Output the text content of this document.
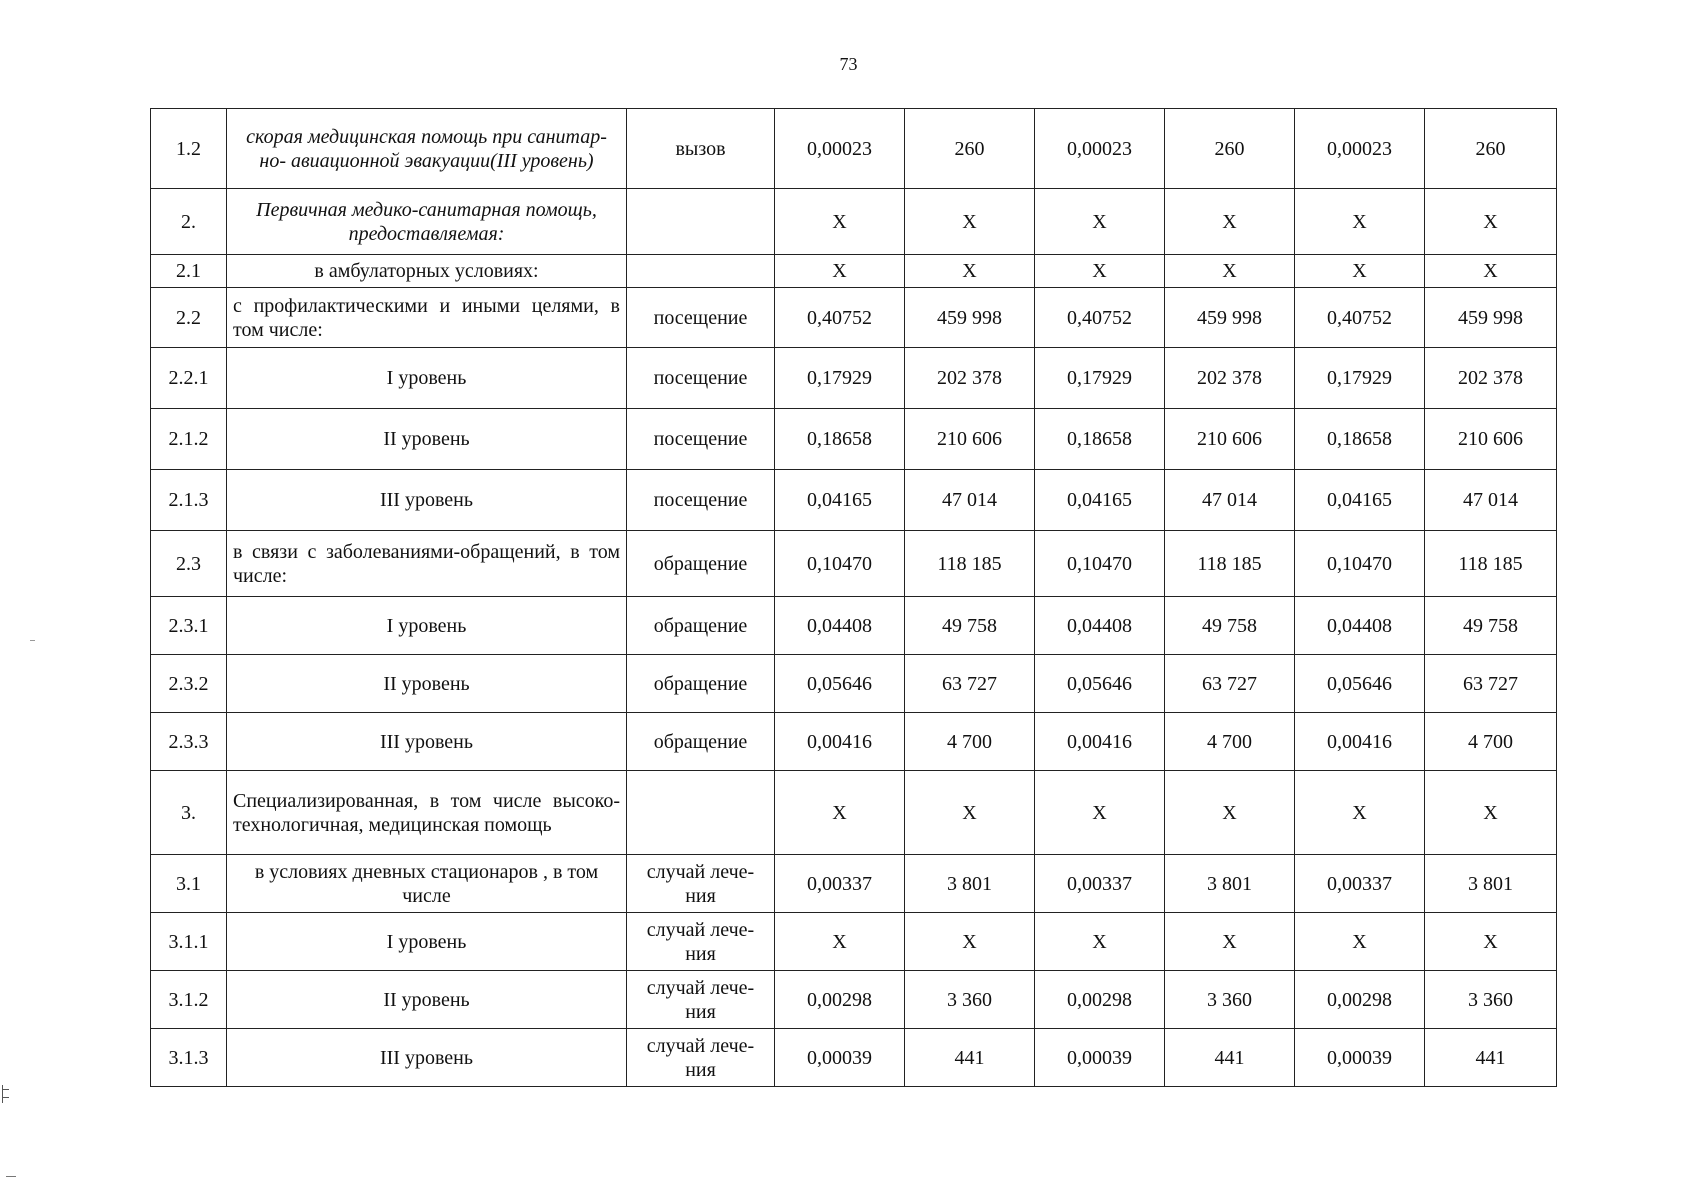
73
1.2	скорая медицинская помощь при санитар-но- авиационной эвакуации(III уровень)	вызов	0,00023	260	0,00023	260	0,00023	260
2.	Первичная медико-санитарная помощь, предоставляемая:		Х	Х	Х	Х	Х	Х
2.1	в амбулаторных условиях:		Х	Х	Х	Х	Х	Х
2.2	с профилактическими и иными целями, в том числе:	посещение	0,40752	459 998	0,40752	459 998	0,40752	459 998
2.2.1	I уровень	посещение	0,17929	202 378	0,17929	202 378	0,17929	202 378
2.1.2	II уровень	посещение	0,18658	210 606	0,18658	210 606	0,18658	210 606
2.1.3	III уровень	посещение	0,04165	47 014	0,04165	47 014	0,04165	47 014
2.3	в связи с заболеваниями-обращений, в том числе:	обращение	0,10470	118 185	0,10470	118 185	0,10470	118 185
2.3.1	I уровень	обращение	0,04408	49 758	0,04408	49 758	0,04408	49 758
2.3.2	II уровень	обращение	0,05646	63 727	0,05646	63 727	0,05646	63 727
2.3.3	III уровень	обращение	0,00416	4 700	0,00416	4 700	0,00416	4 700
3.	Специализированная, в том числе высоко-технологичная, медицинская помощь		Х	Х	Х	Х	Х	Х
3.1	в условиях дневных стационаров , в том числе	случай лече-ния	0,00337	3 801	0,00337	3 801	0,00337	3 801
3.1.1	I уровень	случай лече-ния	Х	Х	Х	Х	Х	Х
3.1.2	II уровень	случай лече-ния	0,00298	3 360	0,00298	3 360	0,00298	3 360
3.1.3	III уровень	случай лече-ния	0,00039	441	0,00039	441	0,00039	441
